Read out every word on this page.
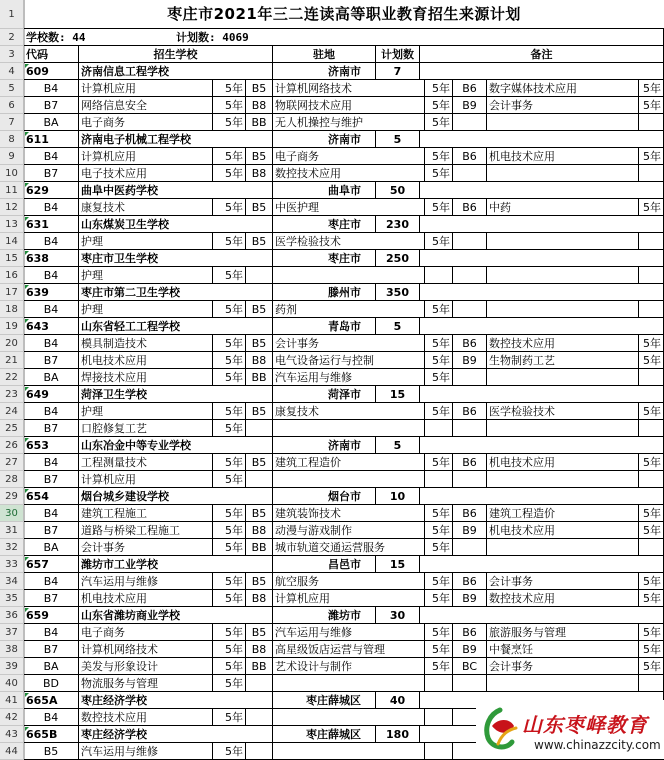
1	枣庄市2021年三二连读高等职业教育招生来源计划
2	学校数: 44	计划数: 4069
3	代码	招生学校	驻地	计划数	备注
4	609	济南信息工程学校	济南市	7
5	B4	计算机应用	5年 B5 计算机网络技术	5年	B6	数字媒体技术应用	5年
6	B7	网络信息安全	5年 B8 物联网技术应用	5年	B9	会计事务	5年
7	BA	电子商务	5年 BB 无人机操控与维护	5年
8	611	济南电子机械工程学校	济南市	5
9	B4	计算机应用	5年 B5 电子商务	5年	B6	机电技术应用	5年
10	B7	电子技术应用	5年 B8 数控技术应用	5年
11 629	曲阜中医药学校	曲阜市	50
12	B4	康复技术	5年 B5 中医护理	5年	B6	中药	5年
13 631	山东煤炭卫生学校	枣庄市	230
14	B4	护理	5年 B5 医学检验技术	5年
15 638	枣庄市卫生学校	枣庄市	250
16	B4	护理	5年
17 639	枣庄市第二卫生学校	滕州市	350
18	B4	护理	5年 B5 药剂	5年
19 643	山东省轻工工程学校	青岛市	5
20	B4	模具制造技术	5年 B5 会计事务	5年	B6	数控技术应用	5年
21	B7	机电技术应用	5年 B8 电气设备运行与控制	5年	B9	生物制药工艺	5年
22	BA	焊接技术应用	5年 BB 汽车运用与维修	5年
23 649	菏泽卫生学校	菏泽市	15
24	B4	护理	5年 B5 康复技术	5年	B6	医学检验技术	5年
25	B7	口腔修复工艺	5年
26 653	山东冶金中等专业学校	济南市	5
27	B4	工程测量技术	5年 B5 建筑工程造价	5年	B6	机电技术应用	5年
28	B7	计算机应用	5年
29 654	烟台城乡建设学校	烟台市	10
30	B4	建筑工程施工	5年 B5 建筑装饰技术	5年	B6	建筑工程造价	5年
31	B7	道路与桥梁工程施工	5年 B8 动漫与游戏制作	5年	B9	机电技术应用	5年
32	BA	会计事务	5年 BB 城市轨道交通运营服务	5年
33 657	潍坊市工业学校	昌邑市	15
34	B4	汽车运用与维修	5年 B5 航空服务	5年	B6	会计事务	5年
35	B7	机电技术应用	5年 B8 计算机应用	5年	B9	数控技术应用	5年
36 659	山东省潍坊商业学校	潍坊市	30
37	B4	电子商务	5年 B5 汽车运用与维修	5年	B6	旅游服务与管理	5年
38	B7	计算机网络技术	5年 B8 高星级饭店运营与管理	5年	B9	中餐烹饪	5年
39	BA	美发与形象设计	5年 BB 艺术设计与制作	5年	BC	会计事务	5年
40	BD	物流服务与管理	5年
41 665A	枣庄经济学校	枣庄薛城区	40
42	B4	数控技术应用	5年
43 665B	枣庄经济学校	枣庄薛城区	180
44	B5	汽车运用与维修	5年
山东枣峄教育
www.chinazzcity.com
